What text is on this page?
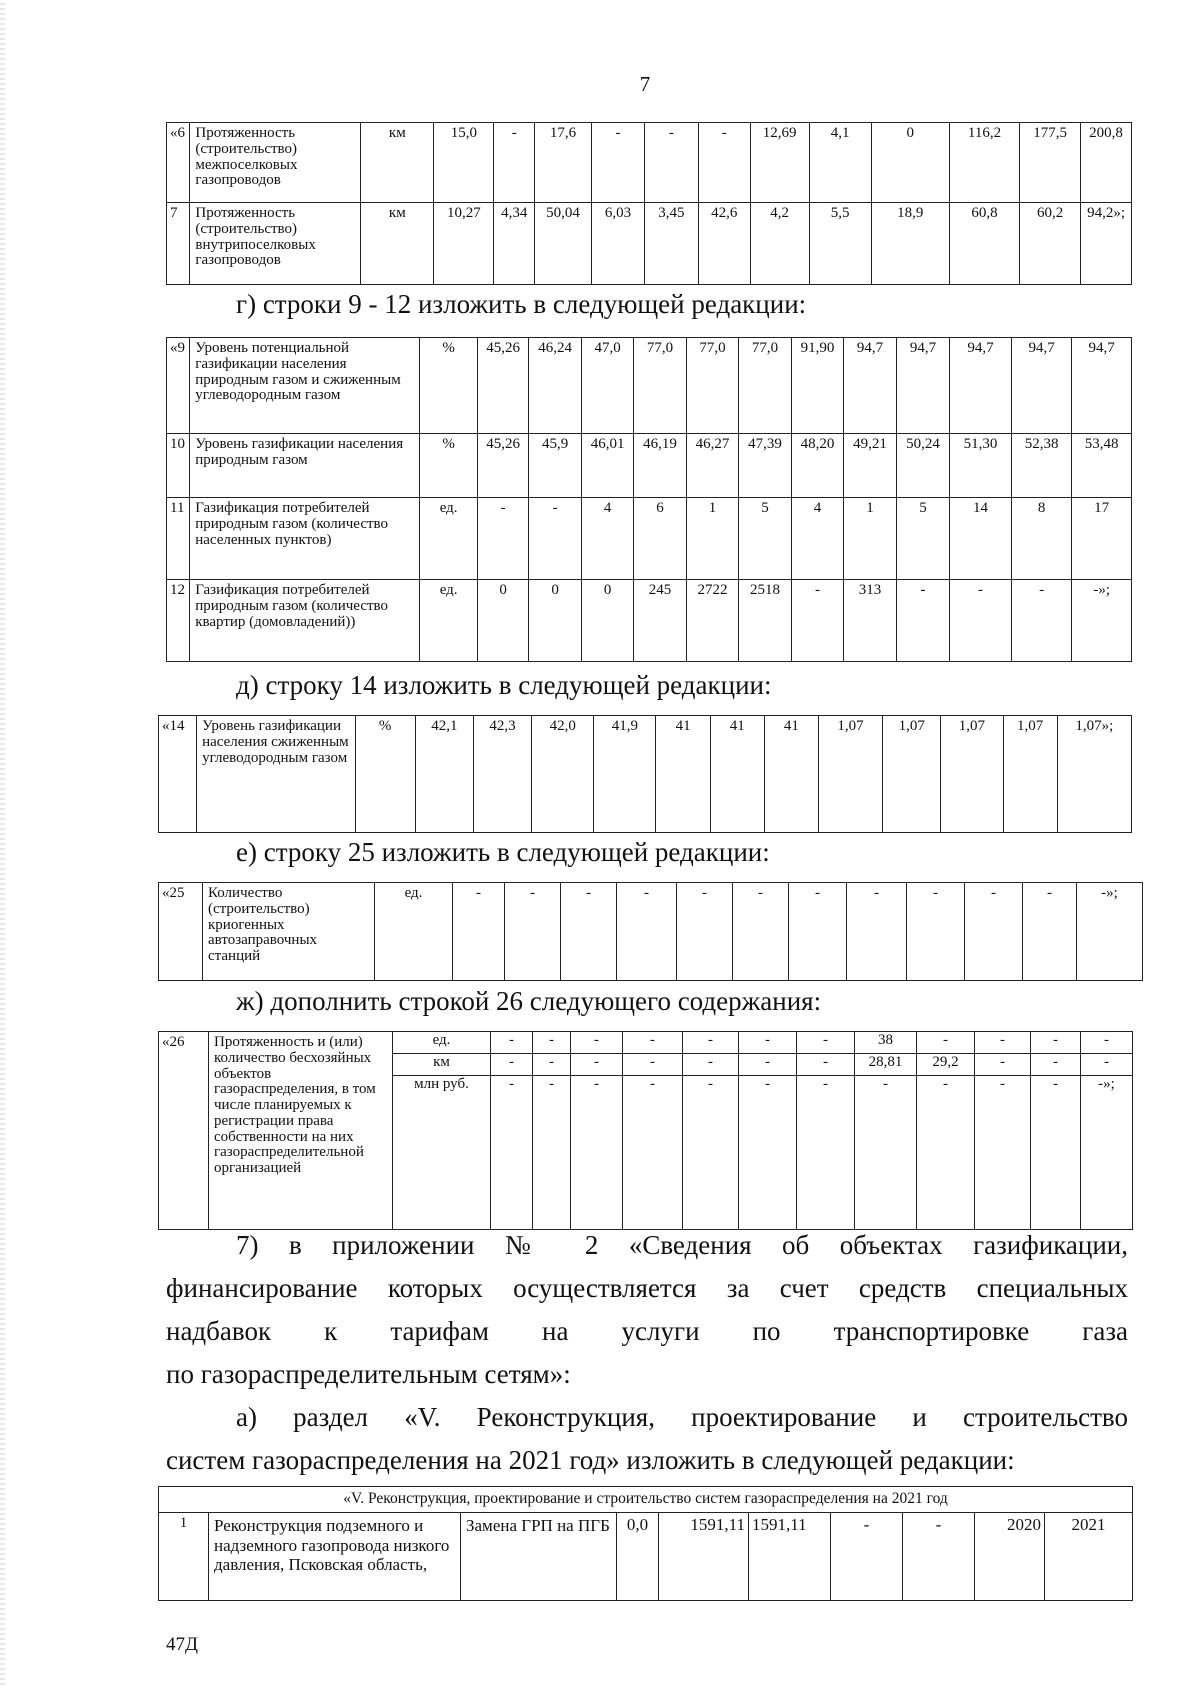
7
«6	Протяженность (строительство) межпоселковых газопроводов	км	15,0	-	17,6	-	-	-	12,69	4,1	0	116,2	177,5	200,8
7	Протяженность (строительство) внутрипоселковых газопроводов	км	10,27	4,34	50,04	6,03	3,45	42,6	4,2	5,5	18,9	60,8	60,2	94,2»;
г) строки 9 - 12 изложить в следующей редакции:
«9	Уровень потенциальной газификации населения природным газом и сжиженным углеводородным газом	%	45,26	46,24	47,0	77,0	77,0	77,0	91,90	94,7	94,7	94,7	94,7	94,7
10	Уровень газификации населения природным газом	%	45,26	45,9	46,01	46,19	46,27	47,39	48,20	49,21	50,24	51,30	52,38	53,48
11	Газификация потребителей природным газом (количество населенных пунктов)	ед.	-	-	4	6	1	5	4	1	5	14	8	17
12	Газификация потребителей природным газом (количество квартир (домовладений))	ед.	0	0	0	245	2722	2518	-	313	-	-	-	-»;
д) строку 14 изложить в следующей редакции:
«14	Уровень газификации населения сжиженным углеводородным газом	%	42,1	42,3	42,0	41,9	41	41	41	1,07	1,07	1,07	1,07	1,07»;
е) строку 25 изложить в следующей редакции:
«25	Количество (строительство) криогенных автозаправочных станций	ед.	-	-	-	-	-	-	-	-	-	-	-	-»;
ж) дополнить строкой 26 следующего содержания:
«26	Протяженность и (или) количество бесхозяйных объектов газораспределения, в том числе планируемых к регистрации права собственности на них газораспределительной организацией	ед.	-	-	-	-	-	-	-	38	-	-	-	-
		км	-	-	-	-	-	-	-	28,81	29,2	-	-	-
		млн руб.	-	-	-	-	-	-	-	-	-	-	-	-»;

7) в приложении № 2 «Сведения об объектах газификации,

финансирование которых осуществляется за счет средств специальных

надбавок к тарифам на услуги по транспортировке газа

по газораспределительным сетям»:

а) раздел «V. Реконструкция, проектирование и строительство

систем газораспределения на 2021 год» изложить в следующей редакции:

«V. Реконструкция, проектирование и строительство систем газораспределения на 2021 год
1	Реконструкция подземного и надземного газопровода низкого давления, Псковская область,	Замена ГРП на ПГБ	0,0	1591,11	1591,11	-	-	2020	2021
47Д
